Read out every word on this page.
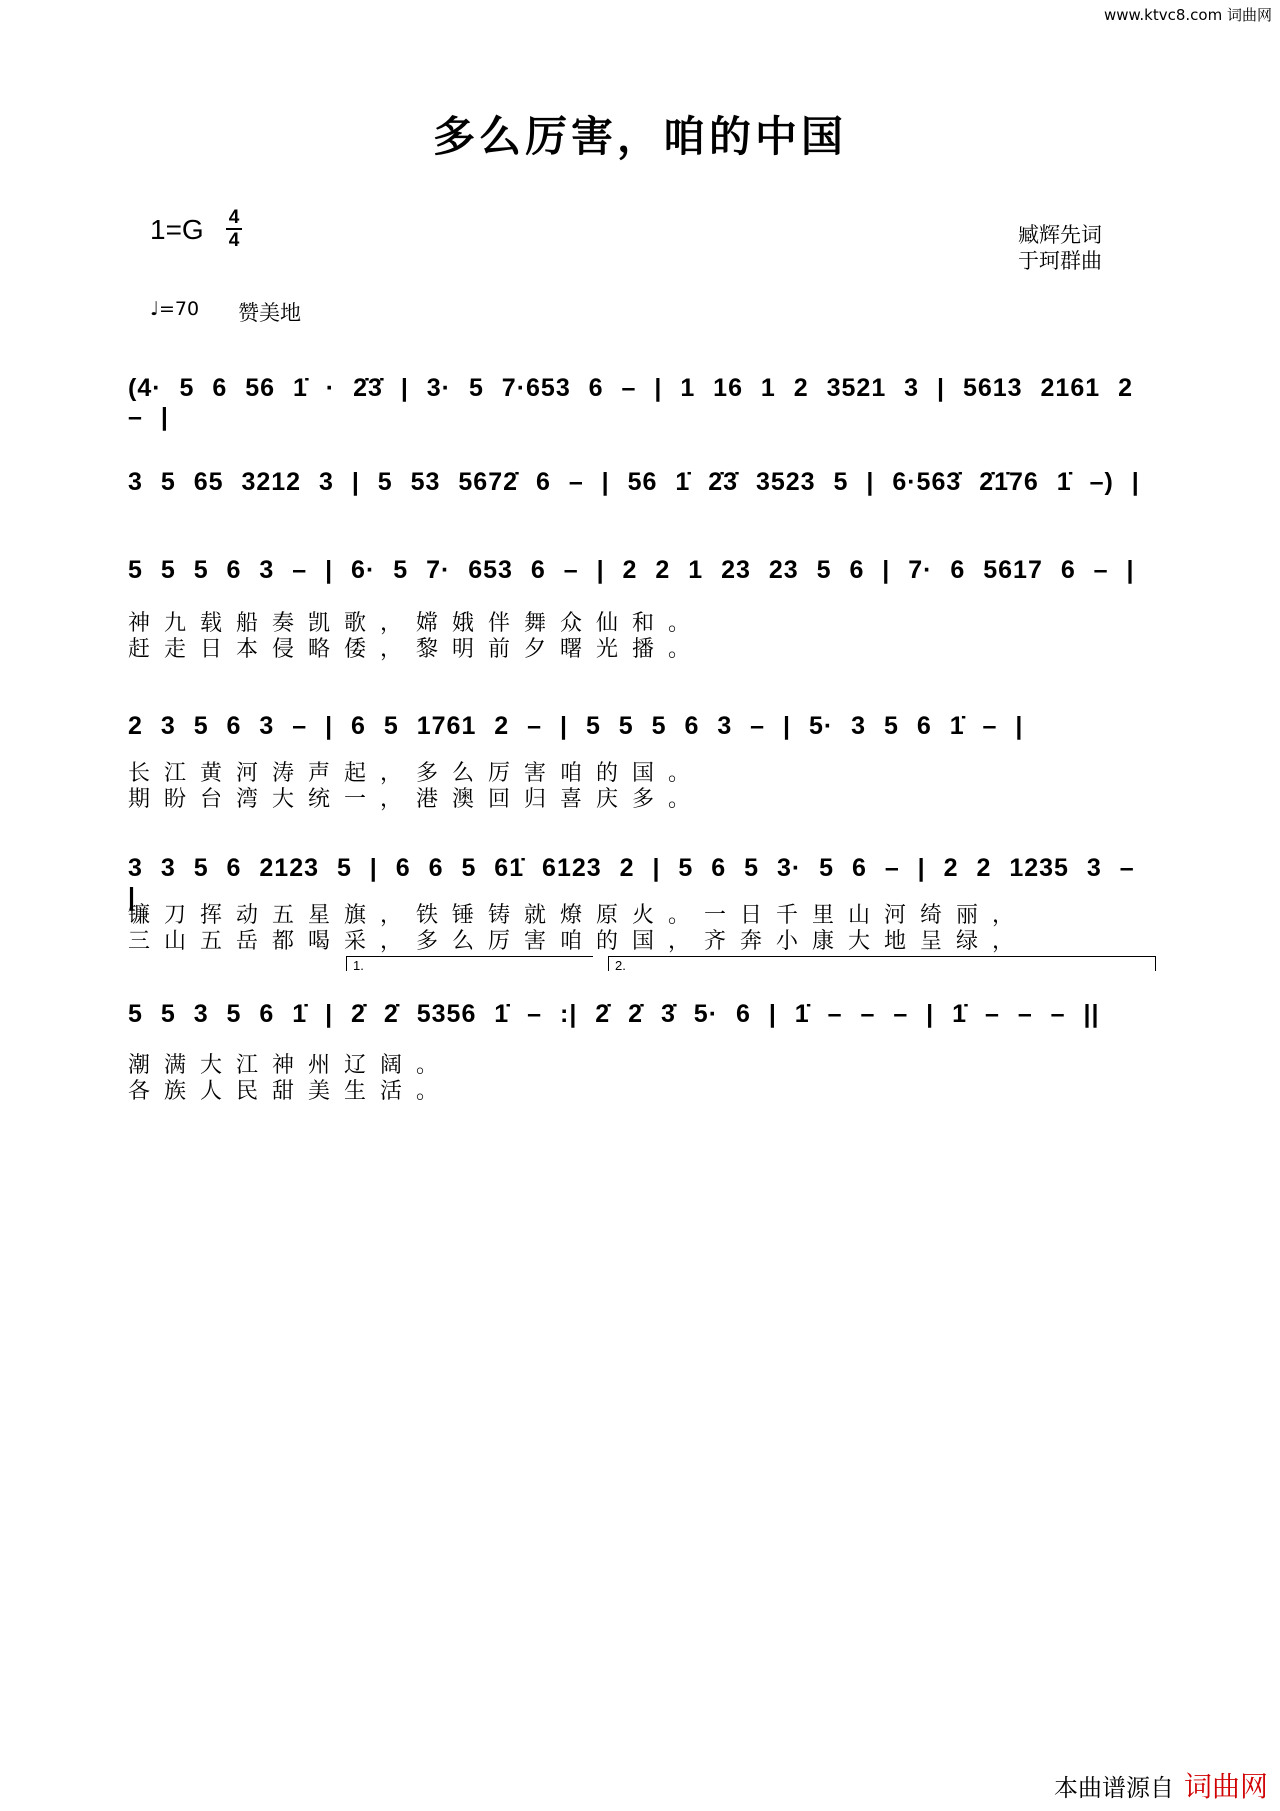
www.ktvc8.com 词曲网
多么厉害，咱的中国
1=G 4
4	臧辉先词
于珂群曲
♩=70 赞美地
(4· 5 6 56 1̇ · 2̇3̇ | 3· 5 7·653 6 – | 1 16 1 2 3521 3 | 5613 2161 2 – |
3 5 65 3212 3 | 5 53 5672̇ 6 – | 56 1̇ 2̇3̇ 3523 5 | 6·563̇ 2̇1̇76 1̇ –) |
5 5 5 6 3 – | 6· 5 7· 653 6 – | 2 2 1 23 23 5 6 | 7· 6 5617 6 – |
神九载船奏凯歌，嫦娥伴舞众仙和。
赶走日本侵略倭，黎明前夕曙光播。
2 3 5 6 3 – | 6 5 1761 2 – | 5 5 5 6 3 – | 5· 3 5 6 1̇ – |
长江黄河涛声起，多么厉害咱的国。
期盼台湾大统一，港澳回归喜庆多。
3 3 5 6 2123 5 | 6 6 5 61̇ 6123 2 | 5 6 5 3· 5 6 – | 2 2 1235 3 – |
镰刀挥动五星旗，铁锤铸就燎原火。一日千里山河绮丽，
三山五岳都喝采，多么厉害咱的国，齐奔小康大地呈绿，
1.	2.
5 5 3 5 6 1̇ | 2̇ 2̇ 5356 1̇ – :| 2̇ 2̇ 3̇ 5· 6 | 1̇ – – – | 1̇ – – – ||
潮满大江神州辽阔。
各族人民甜美生活。
本曲谱源自 词曲网
